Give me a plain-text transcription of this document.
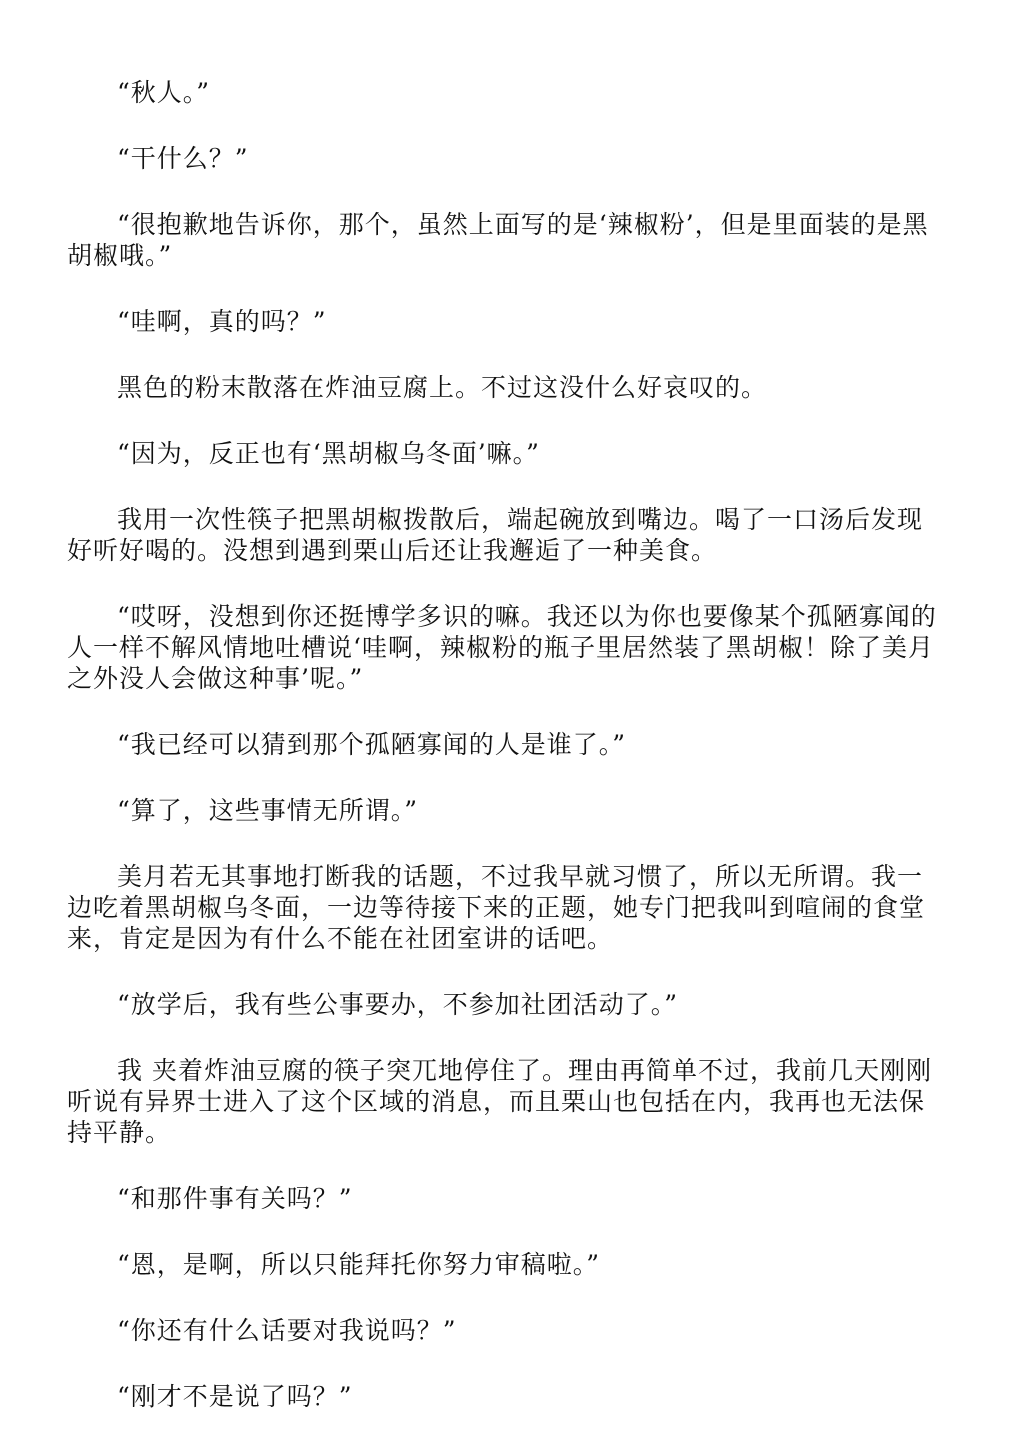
“秋人。”

“干什么？”

“很抱歉地告诉你，那个，虽然上面写的是‘辣椒粉’，但是里面装的是黑胡椒哦。”

“哇啊，真的吗？”

黑色的粉末散落在炸油豆腐上。不过这没什么好哀叹的。

“因为，反正也有‘黑胡椒乌冬面’嘛。”

我用一次性筷子把黑胡椒拨散后，端起碗放到嘴边。喝了一口汤后发现好听好喝的。没想到遇到栗山后还让我邂逅了一种美食。

“哎呀，没想到你还挺博学多识的嘛。我还以为你也要像某个孤陋寡闻的人一样不解风情地吐槽说‘哇啊，辣椒粉的瓶子里居然装了黑胡椒！除了美月之外没人会做这种事’呢。”

“我已经可以猜到那个孤陋寡闻的人是谁了。”

“算了，这些事情无所谓。”

美月若无其事地打断我的话题，不过我早就习惯了，所以无所谓。我一边吃着黑胡椒乌冬面，一边等待接下来的正题，她专门把我叫到喧闹的食堂来，肯定是因为有什么不能在社团室讲的话吧。

“放学后，我有些公事要办，不参加社团活动了。”

我 夹着炸油豆腐的筷子突兀地停住了。理由再简单不过，我前几天刚刚听说有异界士进入了这个区域的消息，而且栗山也包括在内，我再也无法保持平静。

“和那件事有关吗？”

“恩，是啊，所以只能拜托你努力审稿啦。”

“你还有什么话要对我说吗？”

“刚才不是说了吗？”
